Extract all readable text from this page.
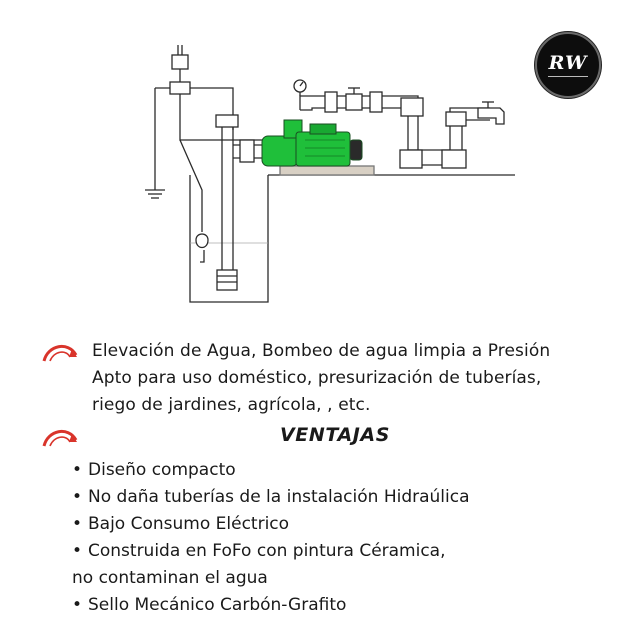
RW
Elevación de Agua, Bombeo de agua limpia a Presión
Apto para uso doméstico, presurización de tuberías,
riego de jardines, agrícola, , etc.
VENTAJAS
• Diseño compacto
• No daña tuberías de la instalación Hidraúlica
• Bajo Consumo Eléctrico
• Construida en FoFo con pintura Céramica,
no contaminan el agua
• Sello Mecánico Carbón-Grafito
